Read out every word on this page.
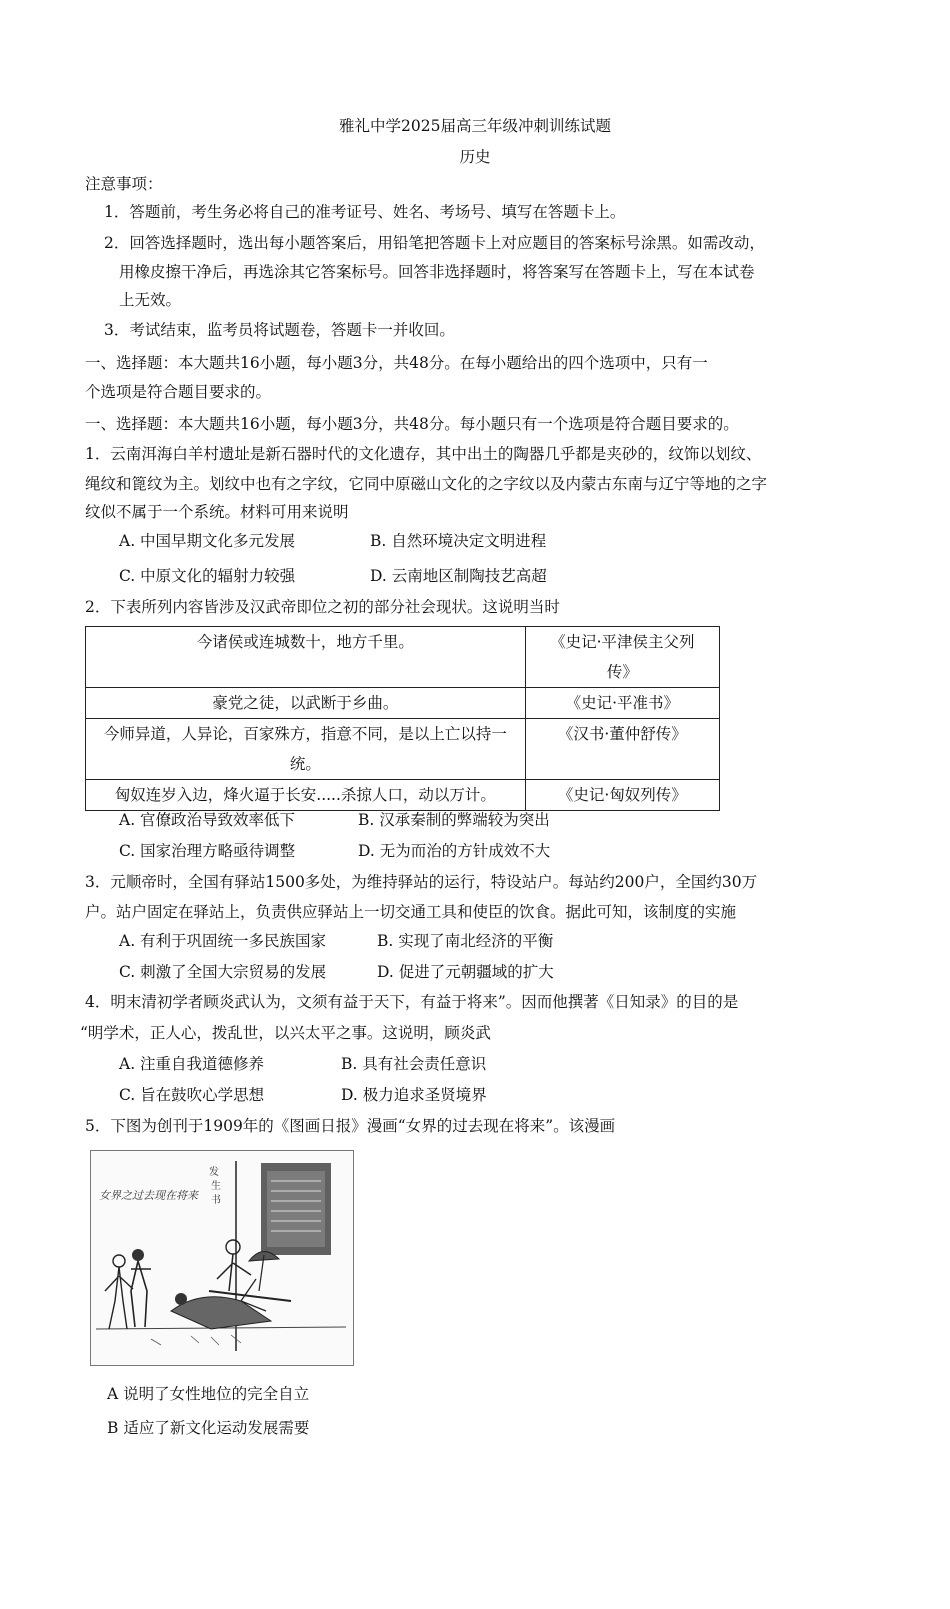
雅礼中学2025届高三年级冲刺训练试题
历史
注意事项：
1．答题前，考生务必将自己的准考证号、姓名、考场号、填写在答题卡上。
2．回答选择题时，选出每小题答案后，用铅笔把答题卡上对应题目的答案标号涂黑。如需改动，
用橡皮擦干净后，再选涂其它答案标号。回答非选择题时，将答案写在答题卡上，写在本试卷
上无效。
3．考试结束，监考员将试题卷，答题卡一并收回。
一、选择题：本大题共16小题，每小题3分，共48分。在每小题给出的四个选项中，只有一
个选项是符合题目要求的。
一、选择题：本大题共16小题，每小题3分，共48分。每小题只有一个选项是符合题目要求的。
1．云南洱海白羊村遗址是新石器时代的文化遗存，其中出土的陶器几乎都是夹砂的，纹饰以划纹、
绳纹和篦纹为主。划纹中也有之字纹，它同中原磁山文化的之字纹以及内蒙古东南与辽宁等地的之字
纹似不属于一个系统。材料可用来说明
A. 中国早期文化多元发展	B. 自然环境决定文明进程
C. 中原文化的辐射力较强	D. 云南地区制陶技艺高超
2．下表所列内容皆涉及汉武帝即位之初的部分社会现状。这说明当时
今诸侯或连城数十，地方千里。	《史记·平津侯主父列
传》

豪党之徒，以武断于乡曲。	《史记·平准书》

今师异道，人异论，百家殊方，指意不同，是以上亡以持一
统。	《汉书·董仲舒传》
匈奴连岁入边，烽火逼于长安.....杀掠人口，动以万计。	《史记·匈奴列传》
A. 官僚政治导致效率低下	B. 汉承秦制的弊端较为突出
C. 国家治理方略亟待调整	D. 无为而治的方针成效不大
3．元顺帝时，全国有驿站1500多处，为维持驿站的运行，特设站户。每站约200户，全国约30万
户。站户固定在驿站上，负责供应驿站上一切交通工具和使臣的饮食。据此可知，该制度的实施
A. 有利于巩固统一多民族国家	B. 实现了南北经济的平衡
C. 刺激了全国大宗贸易的发展	D. 促进了元朝疆域的扩大
4．明末清初学者顾炎武认为，文须有益于天下，有益于将来”。因而他撰著《日知录》的目的是
“明学术，正人心，拨乱世，以兴太平之事。这说明，顾炎武
A. 注重自我道德修养	B. 具有社会责任意识
C. 旨在鼓吹心学思想	D. 极力追求圣贤境界
5．下图为创刊于1909年的《图画日报》漫画“女界的过去现在将来”。该漫画
女界之过去现在将来
发
生
书
A 说明了女性地位的完全自立
B 适应了新文化运动发展需要
